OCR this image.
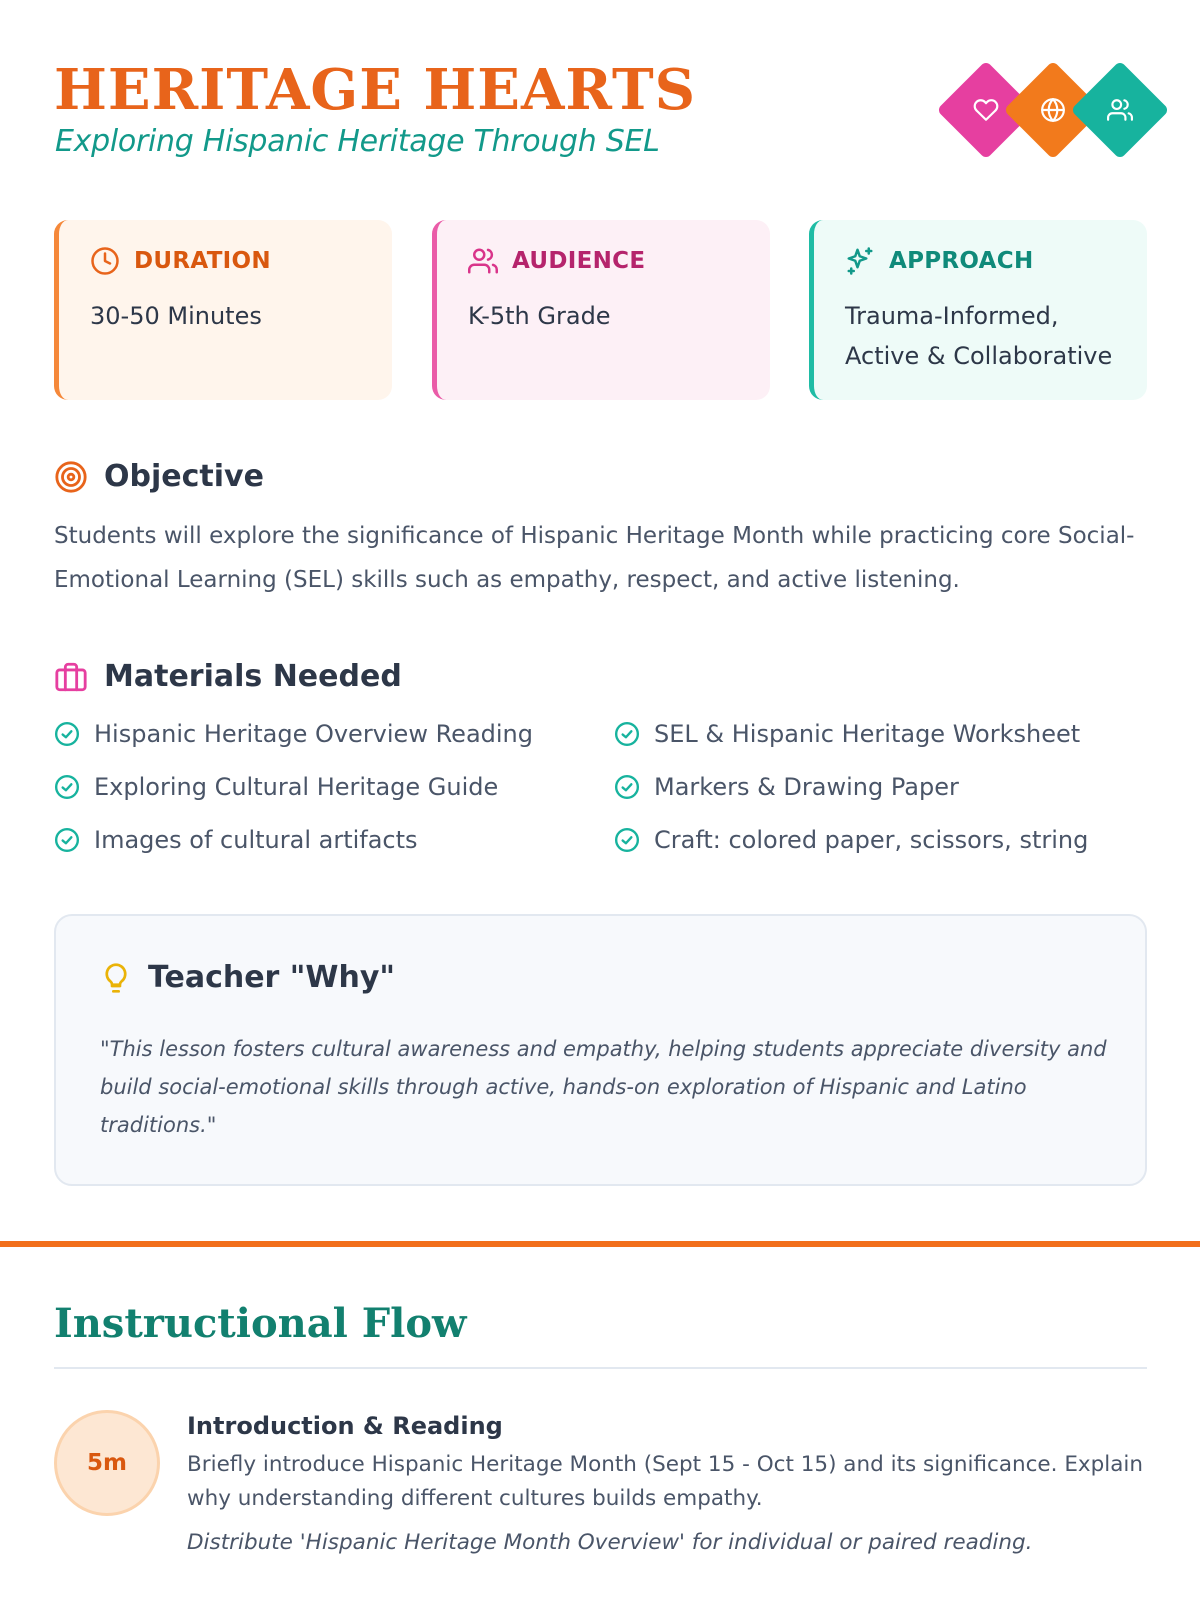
HERITAGE HEARTS
Exploring Hispanic Heritage Through SEL
DURATION
30-50 Minutes
AUDIENCE
K-5th Grade
APPROACH
Trauma-Informed, Active & Collaborative
Objective

Students will explore the significance of Hispanic Heritage Month while practicing core Social-Emotional Learning (SEL) skills such as empathy, respect, and active listening.

Materials Needed
Hispanic Heritage Overview Reading	SEL & Hispanic Heritage Worksheet
Exploring Cultural Heritage Guide	Markers & Drawing Paper
Images of cultural artifacts	Craft: colored paper, scissors, string
Teacher "Why"

"This lesson fosters cultural awareness and empathy, helping students appreciate diversity and build social-emotional skills through active, hands-on exploration of Hispanic and Latino traditions."

Instructional Flow
5m
Introduction & Reading

Briefly introduce Hispanic Heritage Month (Sept 15 - Oct 15) and its significance. Explain why understanding different cultures builds empathy.

Distribute 'Hispanic Heritage Month Overview' for individual or paired reading.
